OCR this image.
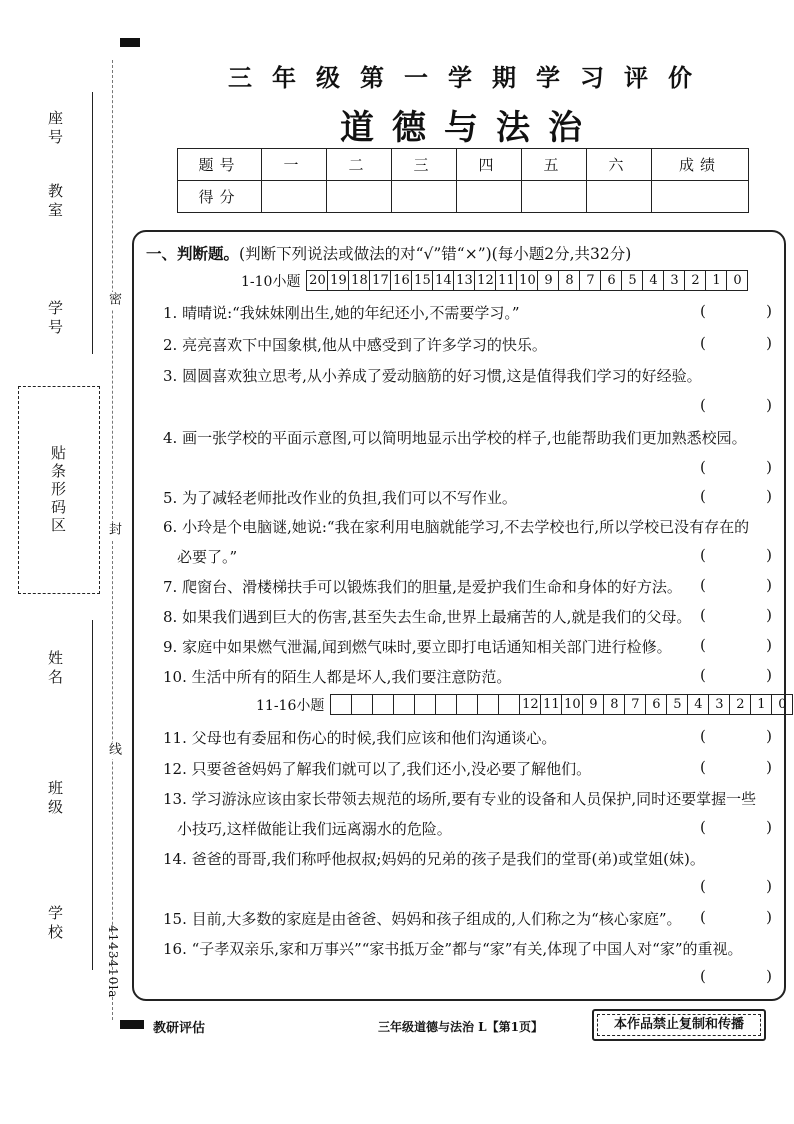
座号
教室
学号
贴条形码区
姓名
班级
学校
密
封
线
4143410la
三年级第一学期学习评价
道德与法治
题号	一	二	三	四	五	六	成绩
得分							
一、判断题。(判断下列说法或做法的对“√”错“×”)(每小题2分,共32分)
1-10小题 20 19 18 17 16 15 14 13 12 11 10 9 8 7 6 5 4 3 2 1 0
11-16小题	12 11 10 9 8 7 6 5 4 3 2 1 0
1. 晴晴说:“我妹妹刚出生,她的年纪还小,不需要学习。”	(	)
2. 亮亮喜欢下中国象棋,他从中感受到了许多学习的快乐。	(	)
3. 圆圆喜欢独立思考,从小养成了爱动脑筋的好习惯,这是值得我们学习的好经验。
(	)
4. 画一张学校的平面示意图,可以简明地显示出学校的样子,也能帮助我们更加熟悉校园。
(	)
5. 为了减轻老师批改作业的负担,我们可以不写作业。	(	)
6. 小玲是个电脑谜,她说:“我在家利用电脑就能学习,不去学校也行,所以学校已没有存在的
必要了。”	(	)
7. 爬窗台、滑楼梯扶手可以锻炼我们的胆量,是爱护我们生命和身体的好方法。 (	)
8. 如果我们遇到巨大的伤害,甚至失去生命,世界上最痛苦的人,就是我们的父母。 (	)
9. 家庭中如果燃气泄漏,闻到燃气味时,要立即打电话通知相关部门进行检修。 (	)
10. 生活中所有的陌生人都是坏人,我们要注意防范。	(	)
11. 父母也有委屈和伤心的时候,我们应该和他们沟通谈心。	(	)
12. 只要爸爸妈妈了解我们就可以了,我们还小,没必要了解他们。	(	)
13. 学习游泳应该由家长带领去规范的场所,要有专业的设备和人员保护,同时还要掌握一些
小技巧,这样做能让我们远离溺水的危险。	(	)
14. 爸爸的哥哥,我们称呼他叔叔;妈妈的兄弟的孩子是我们的堂哥(弟)或堂姐(妹)。
(	)
15. 目前,大多数的家庭是由爸爸、妈妈和孩子组成的,人们称之为“核心家庭”。 (	)
16. “子孝双亲乐,家和万事兴”“家书抵万金”都与“家”有关,体现了中国人对“家”的重视。
(	)
教研评估	三年级道德与法治 L【第1页】	本作品禁止复制和传播
